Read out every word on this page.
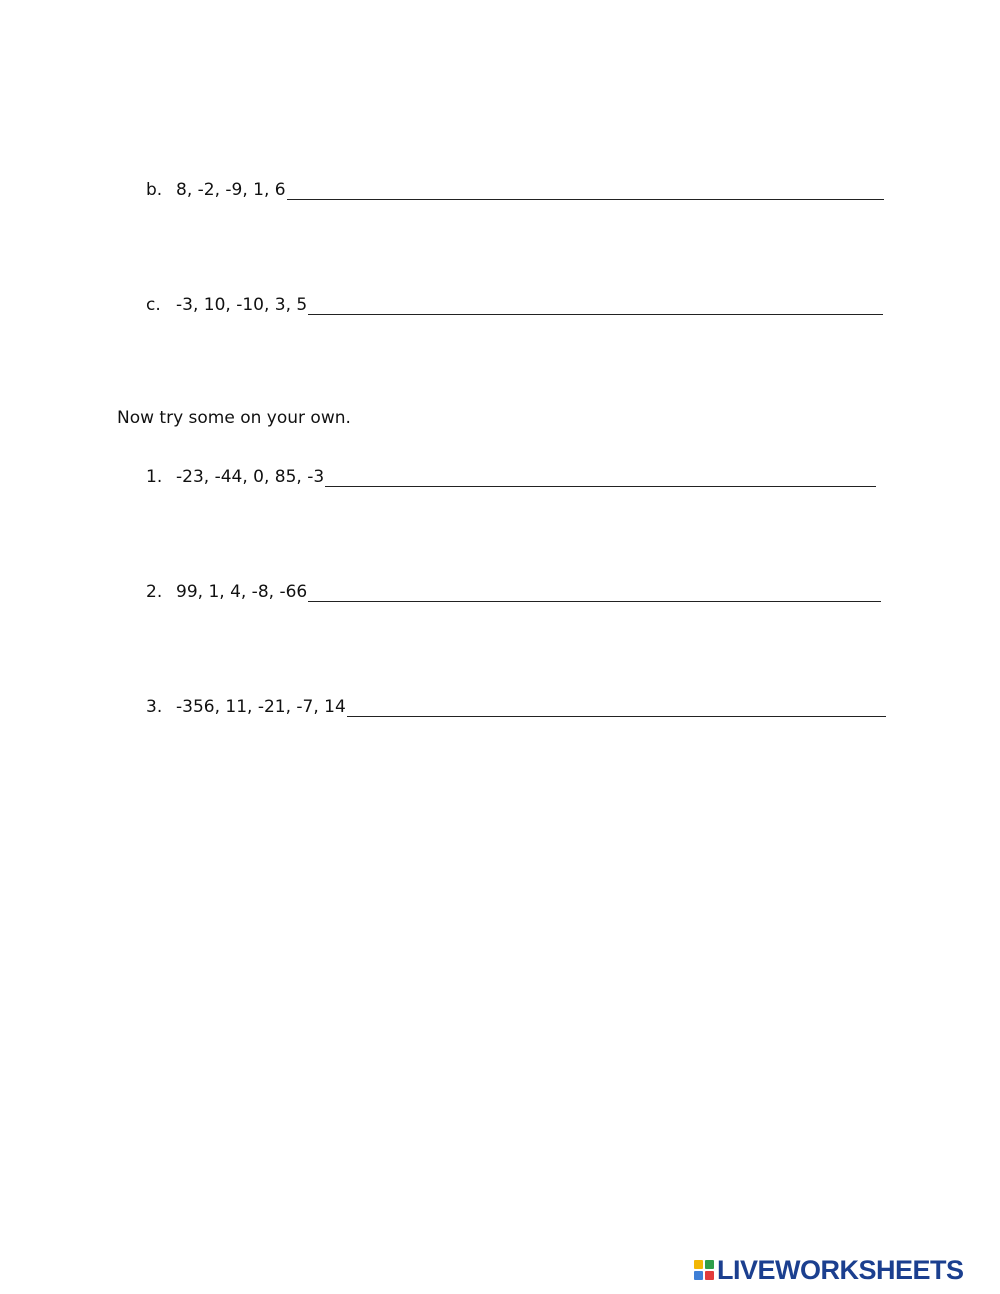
b. 8, -2, -9, 1, 6
c. -3, 10, -10, 3, 5
Now try some on your own.
1. -23, -44, 0, 85, -3
2. 99, 1, 4, -8, -66
3. -356, 11, -21, -7, 14
LIVEWORKSHEETS
